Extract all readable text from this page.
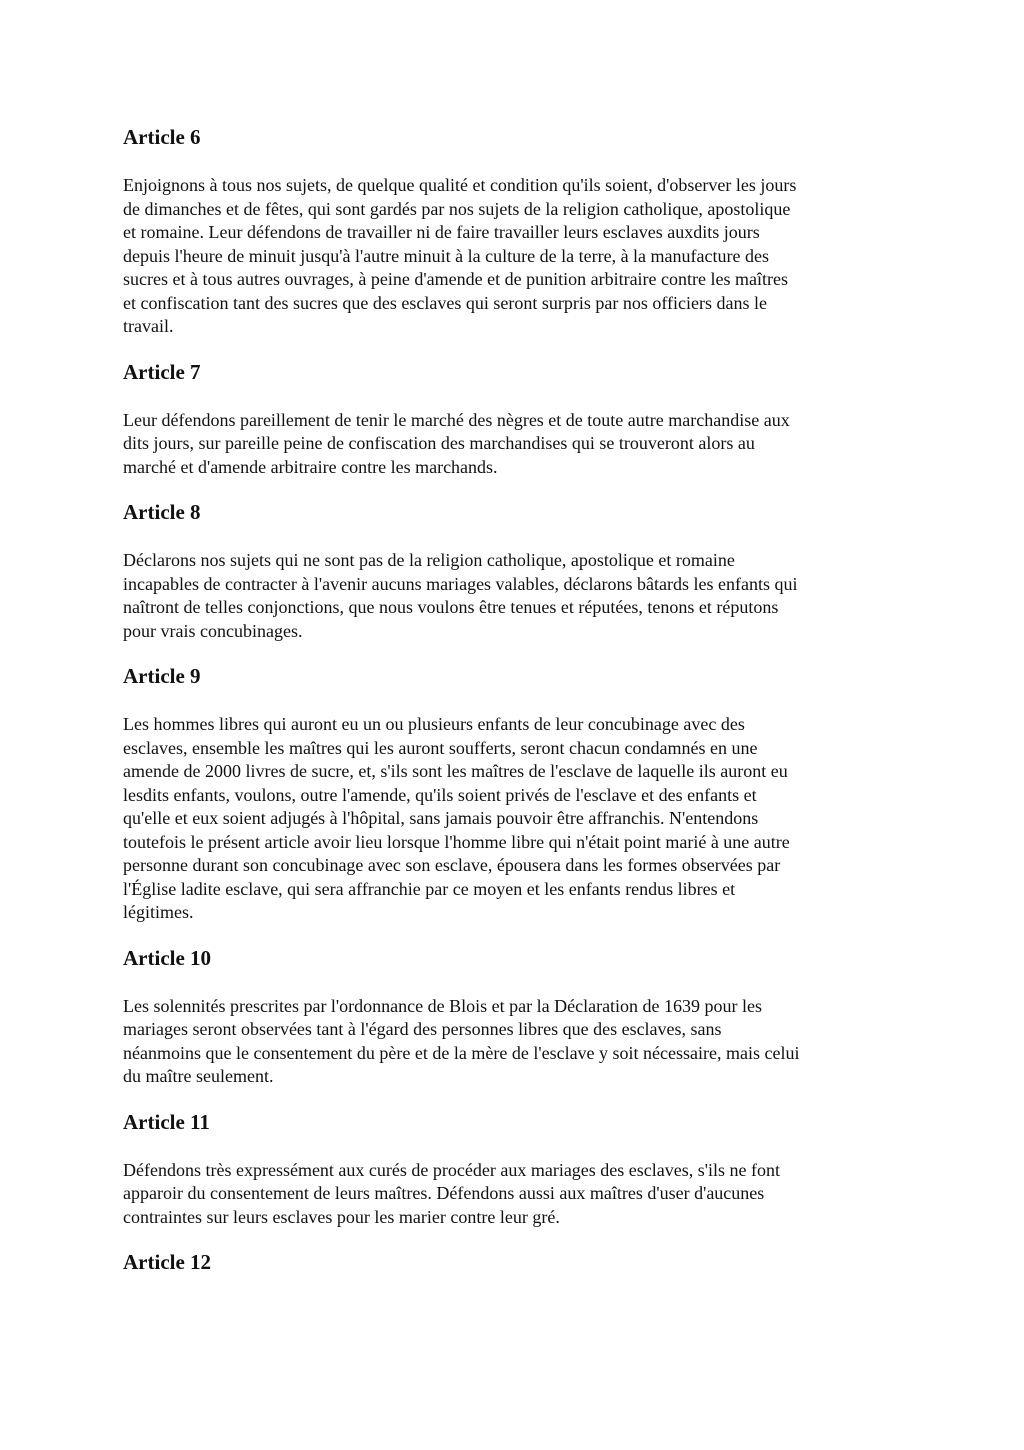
Article 6

Enjoignons à tous nos sujets, de quelque qualité et condition qu'ils soient, d'observer les jours
de dimanches et de fêtes, qui sont gardés par nos sujets de la religion catholique, apostolique
et romaine. Leur défendons de travailler ni de faire travailler leurs esclaves auxdits jours
depuis l'heure de minuit jusqu'à l'autre minuit à la culture de la terre, à la manufacture des
sucres et à tous autres ouvrages, à peine d'amende et de punition arbitraire contre les maîtres
et confiscation tant des sucres que des esclaves qui seront surpris par nos officiers dans le
travail.

Article 7

Leur défendons pareillement de tenir le marché des nègres et de toute autre marchandise aux
dits jours, sur pareille peine de confiscation des marchandises qui se trouveront alors au
marché et d'amende arbitraire contre les marchands.

Article 8

Déclarons nos sujets qui ne sont pas de la religion catholique, apostolique et romaine
incapables de contracter à l'avenir aucuns mariages valables, déclarons bâtards les enfants qui
naîtront de telles conjonctions, que nous voulons être tenues et réputées, tenons et réputons
pour vrais concubinages.

Article 9

Les hommes libres qui auront eu un ou plusieurs enfants de leur concubinage avec des
esclaves, ensemble les maîtres qui les auront soufferts, seront chacun condamnés en une
amende de 2000 livres de sucre, et, s'ils sont les maîtres de l'esclave de laquelle ils auront eu
lesdits enfants, voulons, outre l'amende, qu'ils soient privés de l'esclave et des enfants et
qu'elle et eux soient adjugés à l'hôpital, sans jamais pouvoir être affranchis. N'entendons
toutefois le présent article avoir lieu lorsque l'homme libre qui n'était point marié à une autre
personne durant son concubinage avec son esclave, épousera dans les formes observées par
l'Église ladite esclave, qui sera affranchie par ce moyen et les enfants rendus libres et
légitimes.

Article 10

Les solennités prescrites par l'ordonnance de Blois et par la Déclaration de 1639 pour les
mariages seront observées tant à l'égard des personnes libres que des esclaves, sans
néanmoins que le consentement du père et de la mère de l'esclave y soit nécessaire, mais celui
du maître seulement.

Article 11

Défendons très expressément aux curés de procéder aux mariages des esclaves, s'ils ne font
apparoir du consentement de leurs maîtres. Défendons aussi aux maîtres d'user d'aucunes
contraintes sur leurs esclaves pour les marier contre leur gré.

Article 12
